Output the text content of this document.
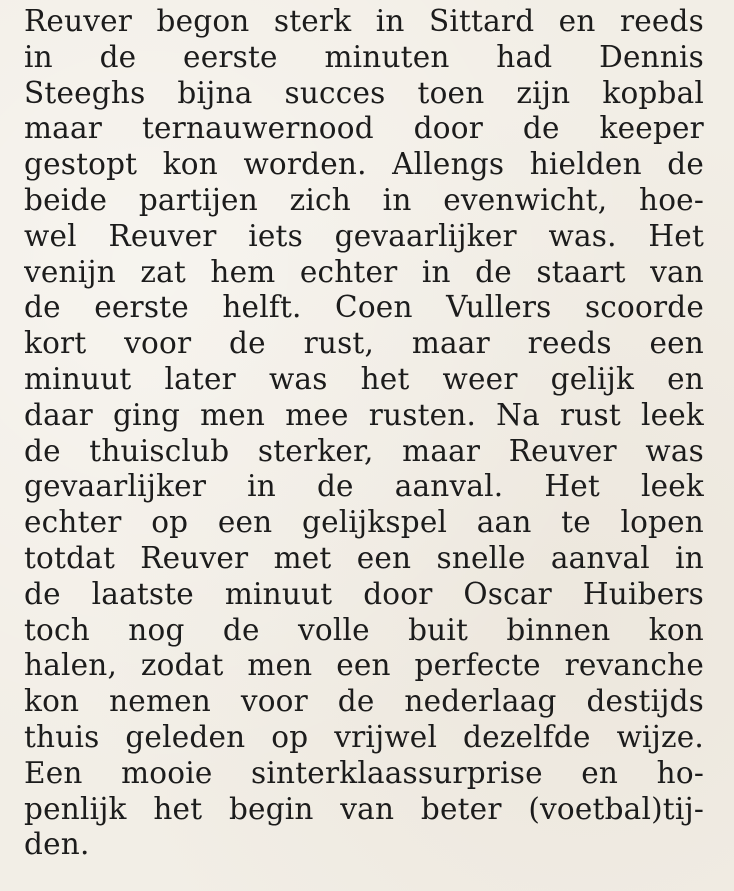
Reuver begon sterk in Sittard en reeds
in de eerste minuten had Dennis
Steeghs bijna succes toen zijn kopbal
maar ternauwernood door de keeper
gestopt kon worden. Allengs hielden de
beide partijen zich in evenwicht, hoe-
wel Reuver iets gevaarlijker was. Het
venijn zat hem echter in de staart van
de eerste helft. Coen Vullers scoorde
kort voor de rust, maar reeds een
minuut later was het weer gelijk en
daar ging men mee rusten. Na rust leek
de thuisclub sterker, maar Reuver was
gevaarlijker in de aanval. Het leek
echter op een gelijkspel aan te lopen
totdat Reuver met een snelle aanval in
de laatste minuut door Oscar Huibers
toch nog de volle buit binnen kon
halen, zodat men een perfecte revanche
kon nemen voor de nederlaag destijds
thuis geleden op vrijwel dezelfde wijze.
Een mooie sinterklaassurprise en ho-
penlijk het begin van beter (voetbal)tij-
den.
